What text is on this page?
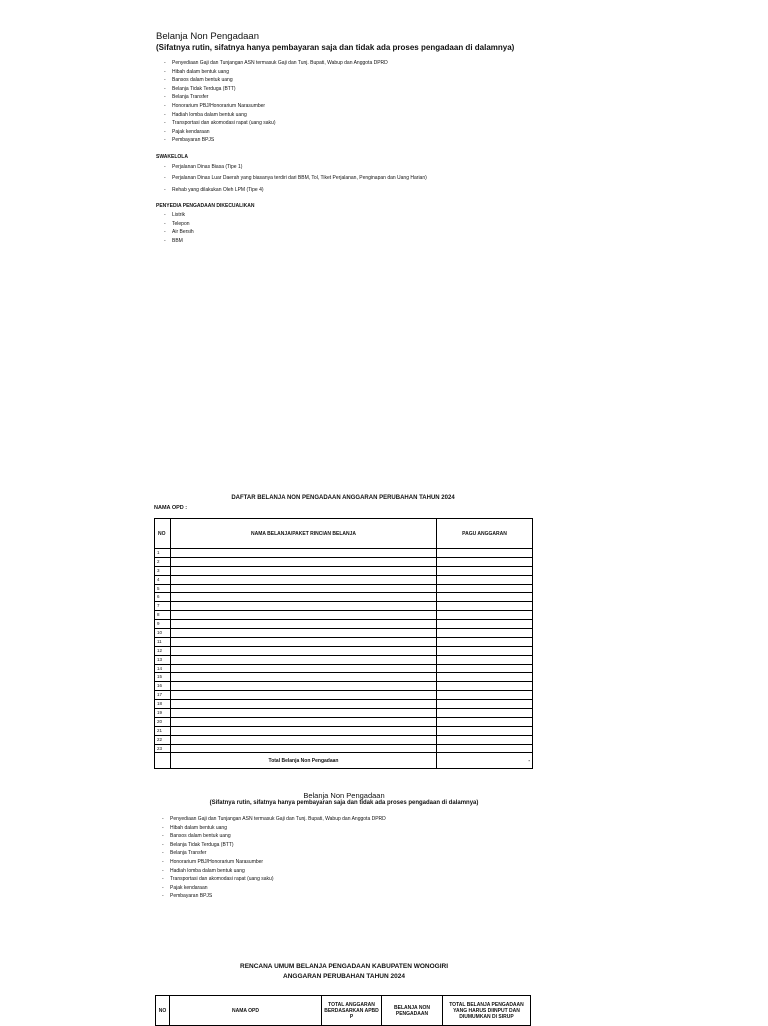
Belanja Non Pengadaan
(Sifatnya rutin, sifatnya hanya pembayaran saja dan tidak ada proses pengadaan di dalamnya)
- Penyediaan Gaji dan Tunjangan ASN termasuk Gaji dan Tunj. Bupati, Wabup dan Anggota DPRD
- Hibah dalam bentuk uang
- Bansos dalam bentuk uang
- Belanja Tidak Terduga (BTT)
- Belanja Transfer
- Honorarium PBJ/Honorarium Narasumber
- Hadiah lomba dalam bentuk uang
- Transportasi dan akomodasi rapat (uang saku)
- Pajak kendaraan
- Pembayaran BPJS
SWAKELOLA
- Perjalanan Dinas Biasa (Tipe 1)
- Perjalanan Dinas Luar Daerah yang biasanya terdiri dari BBM, Tol, Tiket Perjalanan, Penginapan dan Uang Harian)
- Rehab yang dilakukan Oleh LPM (Tipe 4)
PENYEDIA PENGADAAN DIKECUALIKAN
- Listrik
- Telepon
- Air Bersih
- BBM
DAFTAR BELANJA NON PENGADAAN ANGGARAN PERUBAHAN TAHUN 2024
NAMA OPD :
NO	NAMA BELANJA/PAKET RINCIAN BELANJA	PAGU ANGGARAN
1		
2		
3		
4		
5		
6		
7		
8		
9		
10		
11		
12		
13		
14		
15		
16		
17		
18		
19		
20		
21		
22		
23		
	Total Belanja Non Pengadaan	-
Belanja Non Pengadaan
(Sifatnya rutin, sifatnya hanya pembayaran saja dan tidak ada proses pengadaan di dalamnya)
- Penyediaan Gaji dan Tunjangan ASN termasuk Gaji dan Tunj. Bupati, Wabup dan Anggota DPRD
- Hibah dalam bentuk uang
- Bansos dalam bentuk uang
- Belanja Tidak Terduga (BTT)
- Belanja Transfer
- Honorarium PBJ/Honorarium Narasumber
- Hadiah lomba dalam bentuk uang
- Transportasi dan akomodasi rapat (uang saku)
- Pajak kendaraan
- Pembayaran BPJS
RENCANA UMUM BELANJA PENGADAAN KABUPATEN WONOGIRI
ANGGARAN PERUBAHAN TAHUN 2024
NO	NAMA OPD	TOTAL ANGGARAN BERDASARKAN APBD P	BELANJA NON PENGADAAN	TOTAL BELANJA PENGADAAN YANG HARUS DIINPUT DAN DIUMUMKAN DI SIRUP
